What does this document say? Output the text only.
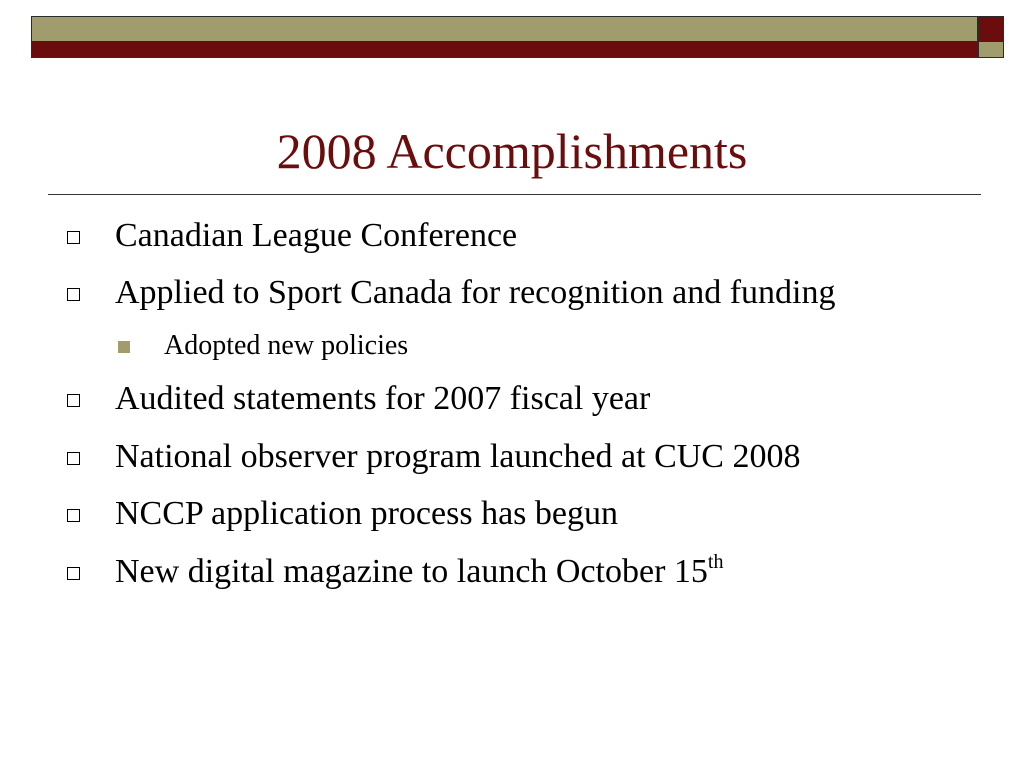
2008 Accomplishments
Canadian League Conference
Applied to Sport Canada for recognition and funding
Adopted new policies
Audited statements for 2007 fiscal year
National observer program launched at CUC 2008
NCCP application process has begun
New digital magazine to launch October 15th
